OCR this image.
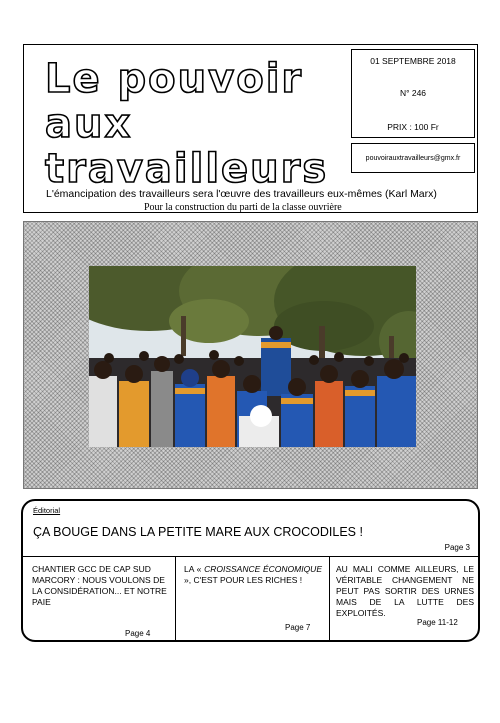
Le pouvoir
aux
travailleurs
01 SEPTEMBRE 2018
N° 246
PRIX : 100 Fr
pouvoirauxtravailleurs@gmx.fr
L'émancipation des travailleurs sera l'œuvre des travailleurs eux-mêmes (Karl Marx)
Pour la construction du parti de la classe ouvrière
Éditorial
ÇA BOUGE DANS LA PETITE MARE AUX CROCODILES !
Page 3
CHANTIER GCC DE CAP SUD MARCORY : NOUS VOULONS DE LA CONSIDÉRATION... ET NOTRE PAIE
LA « CROISSANCE ÉCONOMIQUE », C'EST POUR LES RICHES !
AU MALI COMME AILLEURS, LE VÉRITABLE CHANGEMENT NE PEUT PAS SORTIR DES URNES MAIS DE LA LUTTE DES EXPLOITÉS.
Page 4
Page 7
Page 11-12
